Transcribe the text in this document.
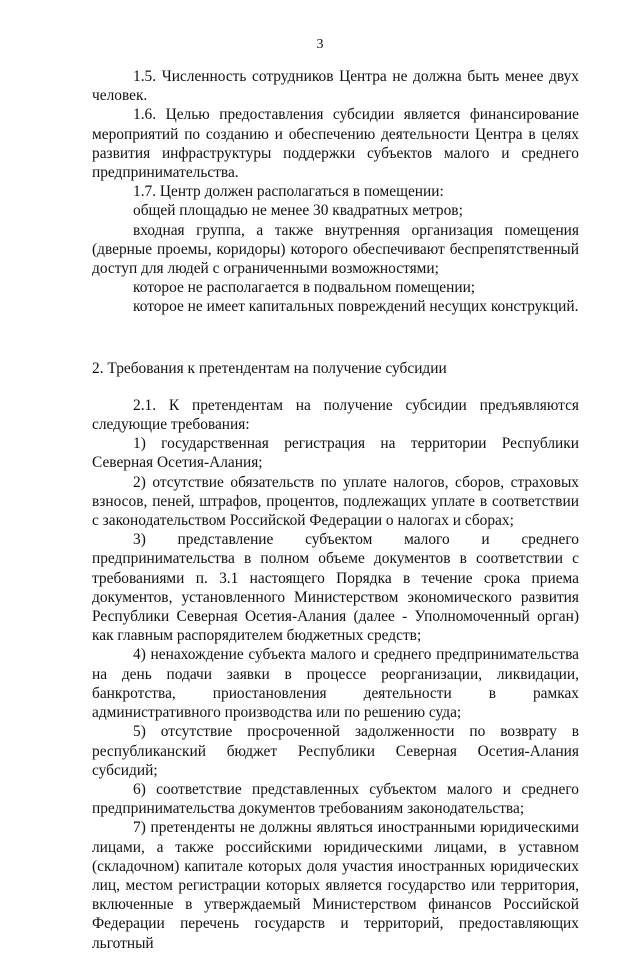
3

1.5. Численность сотрудников Центра не должна быть менее двух человек.

1.6. Целью предоставления субсидии является финансирование мероприятий по созданию и обеспечению деятельности Центра в целях развития инфраструктуры поддержки субъектов малого и среднего предпринимательства.

1.7. Центр должен располагаться в помещении:

общей площадью не менее 30 квадратных метров;

входная группа, а также внутренняя организация помещения (дверные проемы, коридоры) которого обеспечивают беспрепятственный доступ для людей с ограниченными возможностями;

которое не располагается в подвальном помещении;

которое не имеет капитальных повреждений несущих конструкций.

2. Требования к претендентам на получение субсидии

2.1. К претендентам на получение субсидии предъявляются следующие требования:

1) государственная регистрация на территории Республики Северная Осетия-Алания;

2) отсутствие обязательств по уплате налогов, сборов, страховых взносов, пеней, штрафов, процентов, подлежащих уплате в соответствии с законодательством Российской Федерации о налогах и сборах;

3) представление субъектом малого и среднего предпринимательства в полном объеме документов в соответствии с требованиями п. 3.1 настоящего Порядка в течение срока приема документов, установленного Министерством экономического развития Республики Северная Осетия-Алания (далее - Уполномоченный орган) как главным распорядителем бюджетных средств;

4) ненахождение субъекта малого и среднего предпринимательства на день подачи заявки в процессе реорганизации, ликвидации, банкротства, приостановления деятельности в рамках административного производства или по решению суда;

5) отсутствие просроченной задолженности по возврату в республиканский бюджет Республики Северная Осетия-Алания субсидий;

6) соответствие представленных субъектом малого и среднего предпринимательства документов требованиям законодательства;

7) претенденты не должны являться иностранными юридическими лицами, а также российскими юридическими лицами, в уставном (складочном) капитале которых доля участия иностранных юридических лиц, местом регистрации которых является государство или территория, включенные в утверждаемый Министерством финансов Российской Федерации перечень государств и территорий, предоставляющих льготный
